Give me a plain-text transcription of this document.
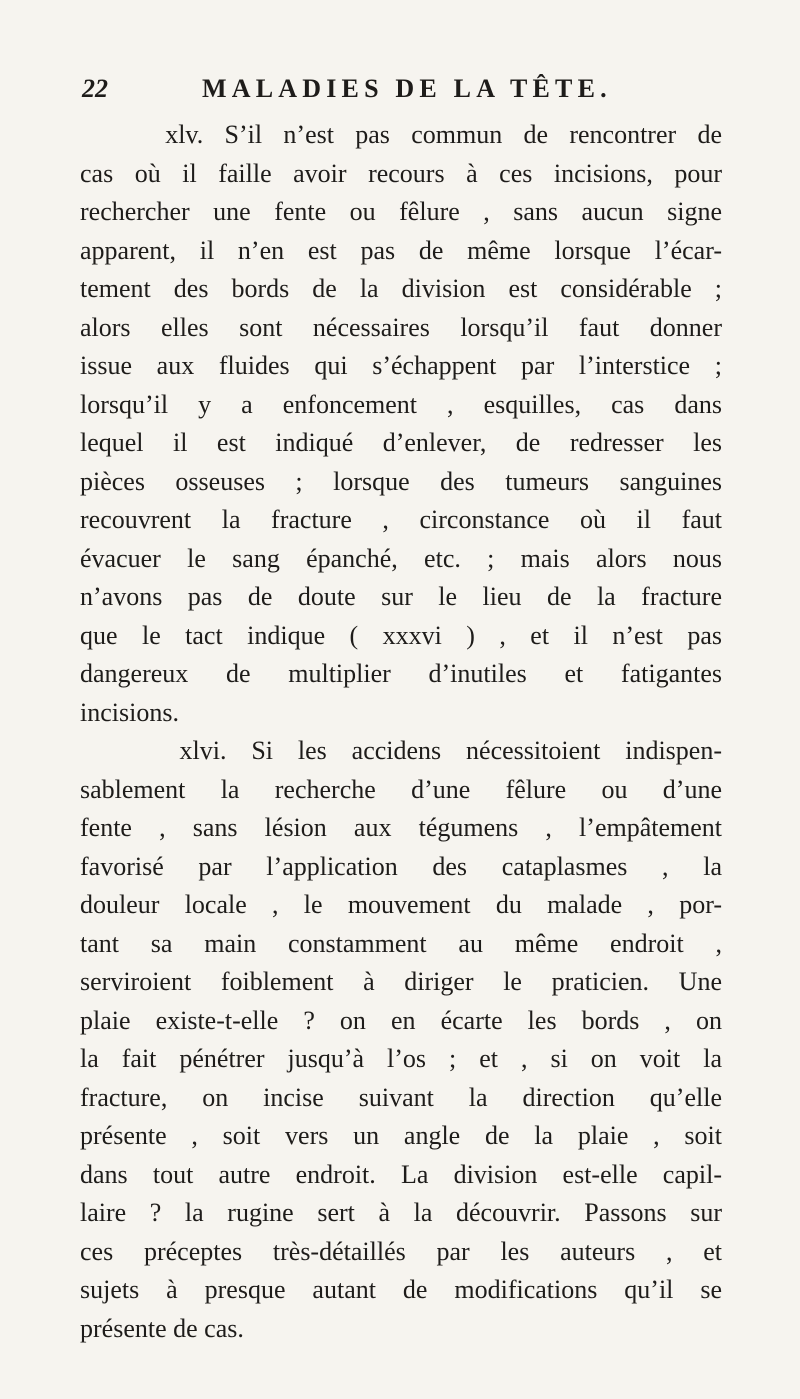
22	MALADIES DE LA TÊTE.
xlv. S’il n’est pas commun de rencontrer de
cas où il faille avoir recours à ces incisions, pour
rechercher une fente ou fêlure , sans aucun signe
apparent, il n’en est pas de même lorsque l’écar-
tement des bords de la division est considérable ;
alors elles sont nécessaires lorsqu’il faut donner
issue aux fluides qui s’échappent par l’interstice ;
lorsqu’il y a enfoncement , esquilles, cas dans
lequel il est indiqué d’enlever, de redresser les
pièces osseuses ; lorsque des tumeurs sanguines
recouvrent la fracture , circonstance où il faut
évacuer le sang épanché, etc. ; mais alors nous
n’avons pas de doute sur le lieu de la fracture
que le tact indique ( xxxvi ) , et il n’est pas
dangereux de multiplier d’inutiles et fatigantes
incisions.
xlvi. Si les accidens nécessitoient indispen-
sablement la recherche d’une fêlure ou d’une
fente , sans lésion aux tégumens , l’empâtement
favorisé par l’application des cataplasmes , la
douleur locale , le mouvement du malade , por-
tant sa main constamment au même endroit ,
serviroient foiblement à diriger le praticien. Une
plaie existe-t-elle ? on en écarte les bords , on
la fait pénétrer jusqu’à l’os ; et , si on voit la
fracture, on incise suivant la direction qu’elle
présente , soit vers un angle de la plaie , soit
dans tout autre endroit. La division est-elle capil-
laire ? la rugine sert à la découvrir. Passons sur
ces préceptes très-détaillés par les auteurs , et
sujets à presque autant de modifications qu’il se
présente de cas.
